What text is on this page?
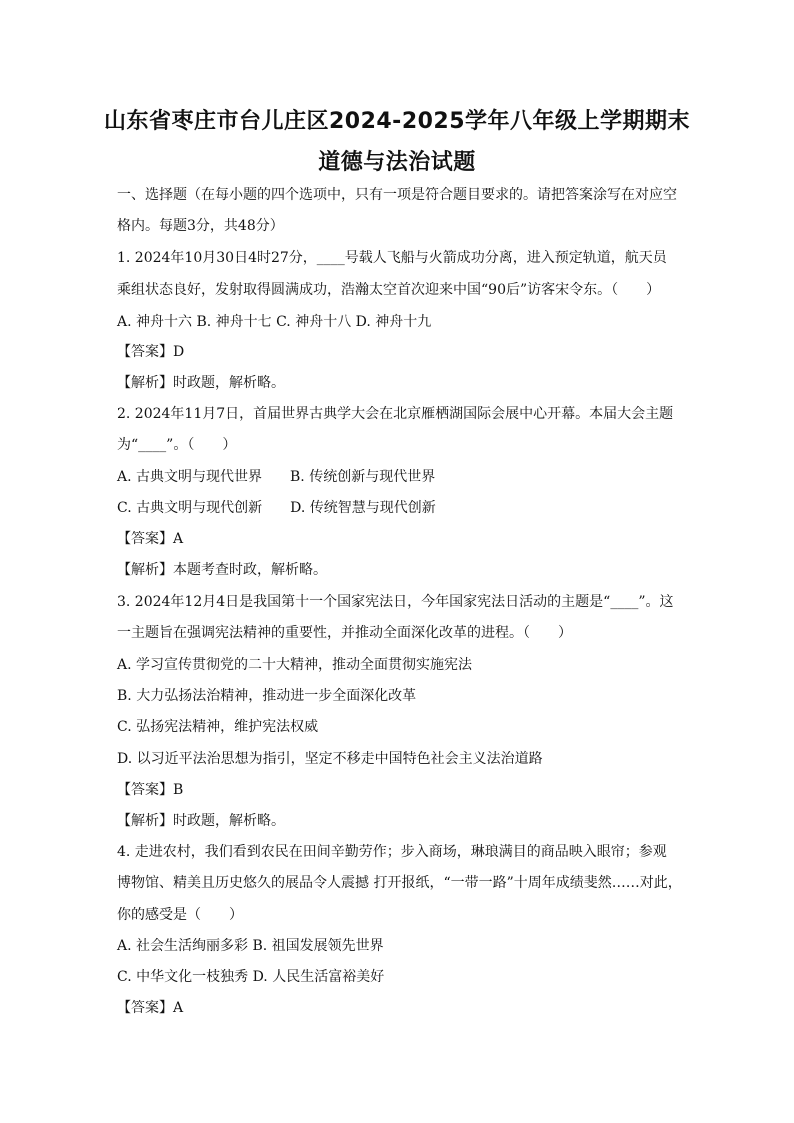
山东省枣庄市台儿庄区2024-2025学年八年级上学期期末
道德与法治试题
一、选择题（在每小题的四个选项中，只有一项是符合题目要求的。请把答案涂写在对应空
格内。每题3分，共48分）
1. 2024年10月30日4时27分，____号载人飞船与火箭成功分离，进入预定轨道，航天员
乘组状态良好，发射取得圆满成功，浩瀚太空首次迎来中国“90后”访客宋令东。（　　）
A. 神舟十六 B. 神舟十七 C. 神舟十八 D. 神舟十九
【答案】D
【解析】时政题，解析略。
2. 2024年11月7日，首届世界古典学大会在北京雁栖湖国际会展中心开幕。本届大会主题
为“____”。（　　）
A. 古典文明与现代世界 B. 传统创新与现代世界
C. 古典文明与现代创新 D. 传统智慧与现代创新
【答案】A
【解析】本题考查时政，解析略。
3. 2024年12月4日是我国第十一个国家宪法日，今年国家宪法日活动的主题是“____”。这
一主题旨在强调宪法精神的重要性，并推动全面深化改革的进程。（　　）
A. 学习宣传贯彻党的二十大精神，推动全面贯彻实施宪法
B. 大力弘扬法治精神，推动进一步全面深化改革
C. 弘扬宪法精神，维护宪法权威
D. 以习近平法治思想为指引，坚定不移走中国特色社会主义法治道路
【答案】B
【解析】时政题，解析略。
4. 走进农村，我们看到农民在田间辛勤劳作；步入商场，琳琅满目的商品映入眼帘；参观
博物馆、精美且历史悠久的展品令人震撼 打开报纸，“一带一路”十周年成绩斐然……对此，
你的感受是（　　）
A. 社会生活绚丽多彩 B. 祖国发展领先世界
C. 中华文化一枝独秀 D. 人民生活富裕美好
【答案】A
